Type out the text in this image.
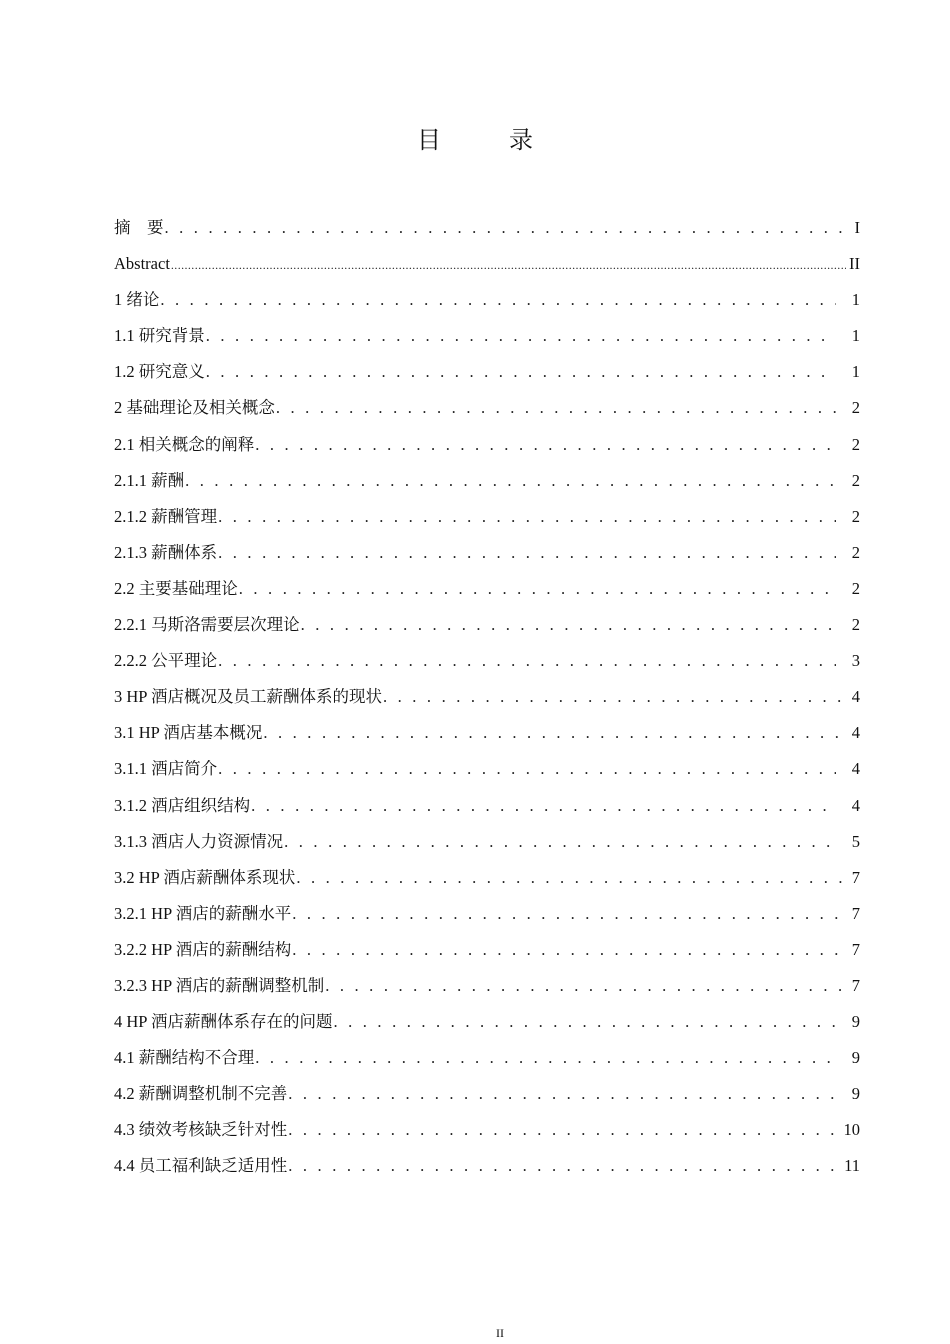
目　录
摘　要 . . .	I
Abstract .....	II
1 绪论 . . .	1
1.1 研究背景 . . .	1
1.2 研究意义 . . .	1
2 基础理论及相关概念 . . .	2
2.1 相关概念的阐释 . . .	2
2.1.1 薪酬 . . .	2
2.1.2 薪酬管理 . . .	2
2.1.3 薪酬体系 . . .	2
2.2 主要基础理论 . . .	2
2.2.1 马斯洛需要层次理论 . . .	2
2.2.2 公平理论 . . .	3
3 HP 酒店概况及员工薪酬体系的现状 . . .	4
3.1 HP 酒店基本概况 . . .	4
3.1.1 酒店简介 . . .	4
3.1.2 酒店组织结构 . . .	4
3.1.3 酒店人力资源情况 . . .	5
3.2 HP 酒店薪酬体系现状 . . .	7
3.2.1 HP 酒店的薪酬水平 . . .	7
3.2.2 HP 酒店的薪酬结构 . . .	7
3.2.3 HP 酒店的薪酬调整机制 . . .	7
4 HP 酒店薪酬体系存在的问题 . . .	9
4.1 薪酬结构不合理 . . .	9
4.2 薪酬调整机制不完善 . . .	9
4.3 绩效考核缺乏针对性 . . .	10
4.4 员工福利缺乏适用性 . . .	11
II
